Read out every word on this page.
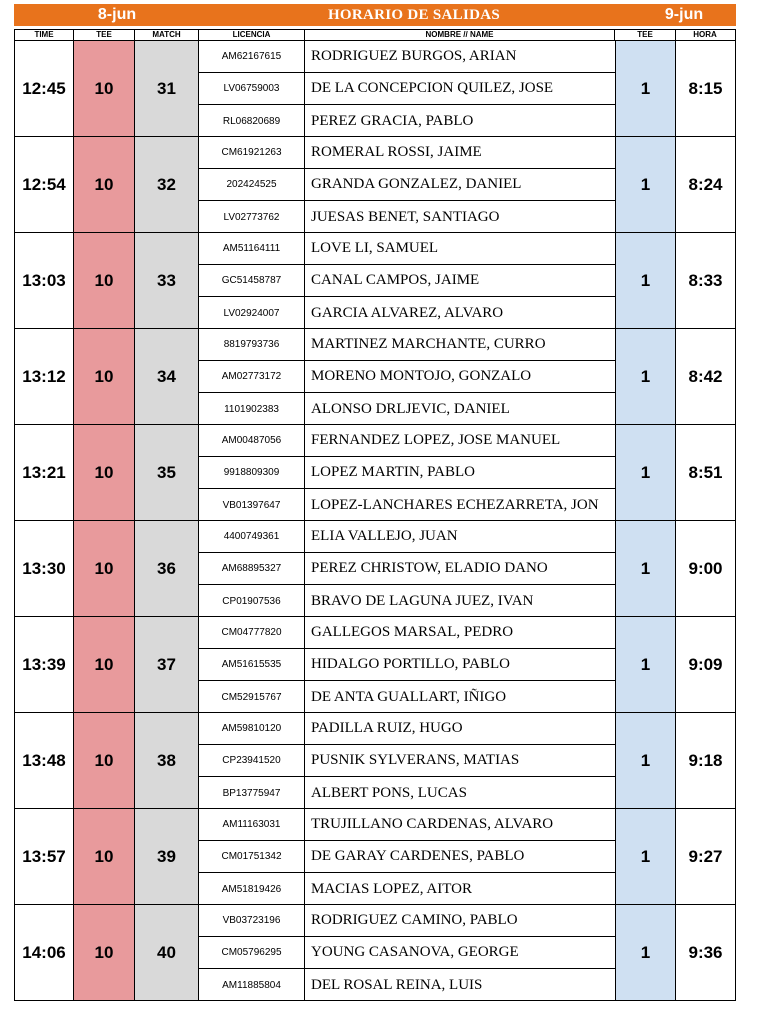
8-jun	HORARIO DE SALIDAS	9-jun
TIME	TEE	MATCH	LICENCIA	NOMBRE // NAME	TEE	HORA
12:45	10	31
AM62167615	RODRIGUEZ BURGOS, ARIAN
LV06759003	DE LA CONCEPCION QUILEZ, JOSE
RL06820689	PEREZ GRACIA, PABLO
1	8:15
12:54	10	32
CM61921263	ROMERAL ROSSI, JAIME
202424525	GRANDA GONZALEZ, DANIEL
LV02773762	JUESAS BENET, SANTIAGO
1	8:24
13:03	10	33
AM51164111	LOVE LI, SAMUEL
GC51458787	CANAL CAMPOS, JAIME
LV02924007	GARCIA ALVAREZ, ALVARO
1	8:33
13:12	10	34
8819793736	MARTINEZ MARCHANTE, CURRO
AM02773172	MORENO MONTOJO, GONZALO
1101902383	ALONSO DRLJEVIC, DANIEL
1	8:42
13:21	10	35
AM00487056	FERNANDEZ LOPEZ, JOSE MANUEL
9918809309	LOPEZ MARTIN, PABLO
VB01397647	LOPEZ-LANCHARES ECHEZARRETA, JON
1	8:51
13:30	10	36
4400749361	ELIA VALLEJO, JUAN
AM68895327	PEREZ CHRISTOW, ELADIO DANO
CP01907536	BRAVO DE LAGUNA JUEZ, IVAN
1	9:00
13:39	10	37
CM04777820	GALLEGOS MARSAL, PEDRO
AM51615535	HIDALGO PORTILLO, PABLO
CM52915767	DE ANTA GUALLART, IÑIGO
1	9:09
13:48	10	38
AM59810120	PADILLA RUIZ, HUGO
CP23941520	PUSNIK SYLVERANS, MATIAS
BP13775947	ALBERT PONS, LUCAS
1	9:18
13:57	10	39
AM11163031	TRUJILLANO CARDENAS, ALVARO
CM01751342	DE GARAY CARDENES, PABLO
AM51819426	MACIAS LOPEZ, AITOR
1	9:27
14:06	10	40
VB03723196	RODRIGUEZ CAMINO, PABLO
CM05796295	YOUNG CASANOVA, GEORGE
AM11885804	DEL ROSAL REINA, LUIS
1	9:36
